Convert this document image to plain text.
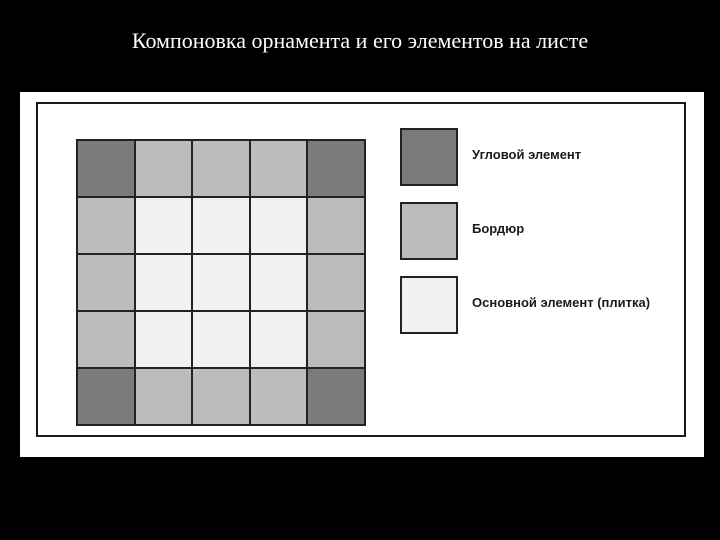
Компоновка орнамента и его элементов на листе
Угловой элемент
Бордюр
Основной элемент (плитка)
